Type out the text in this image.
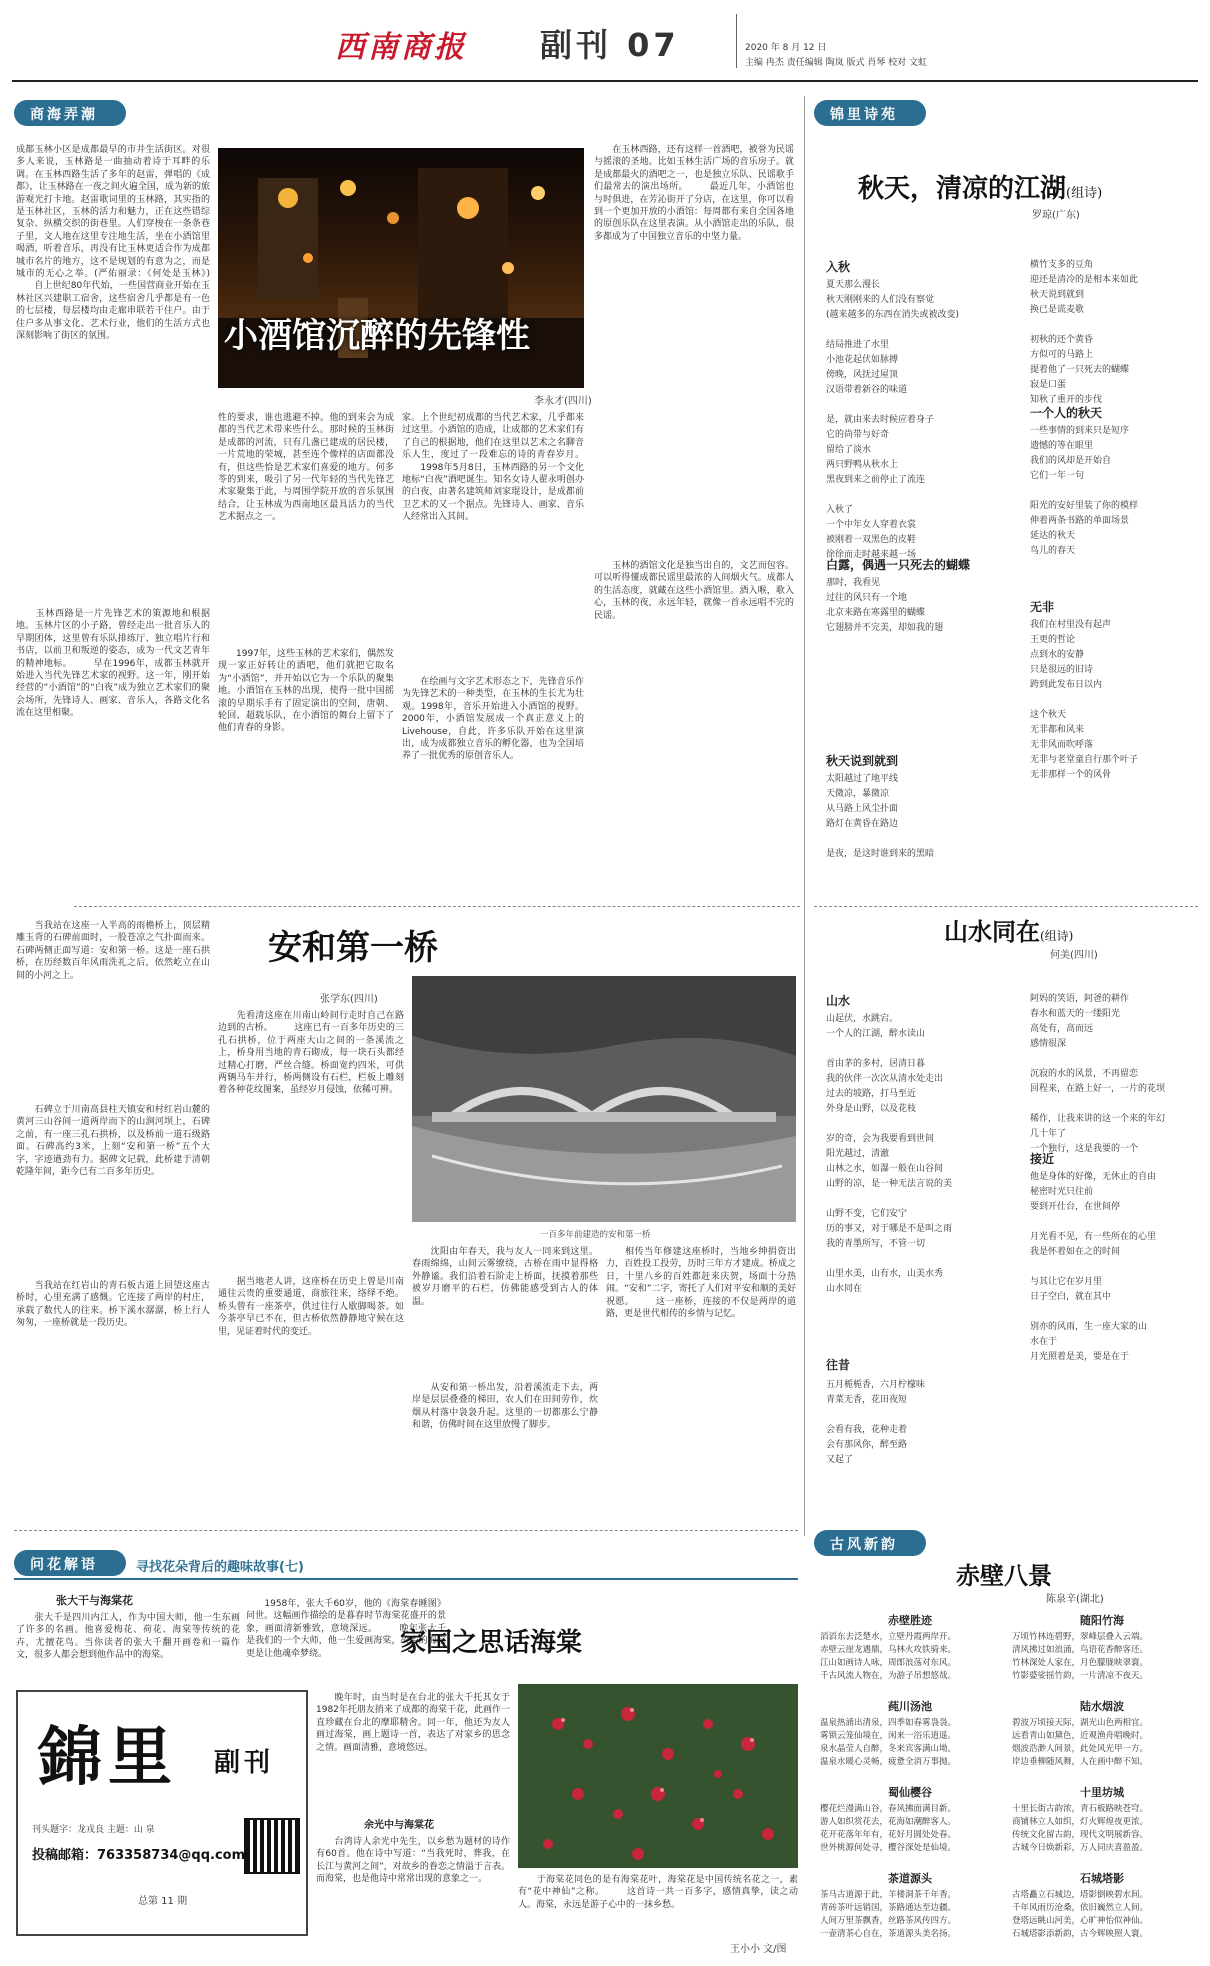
西南商报 副刊 07	2020 年 8 月 12 日
主编 冉杰 责任编辑 陶岚 版式 肖琴 校对 文虹
商海弄潮
小酒馆沉醉的先锋性
李永才(四川)
成都玉林小区是成都最早的市井生活街区。对很多人来说，玉林路是一曲抽动着诗于耳畔的乐调。在玉林西路生活了多年的赵雷，弹唱的《成都》，让玉林路在一夜之间火遍全国，成为新的旅游观光打卡地。赵雷歌词里的玉林路，其实指的是玉林社区，玉林的活力和魅力，正在这些错综复杂、纵横交织的街巷里。人们穿梭在一条条巷子里，文人地在这里专注地生活，坐在小酒馆里喝酒，听着音乐，再没有比玉林更适合作为成都城市名片的地方，这不是规划的有意为之，而是城市的无心之举。(严佑丽录：《何处是玉林》) 　　自上世纪80年代始，一些国营商业开始在玉林社区兴建职工宿舍，这些宿舍几乎都是有一色的七层楼，每层楼均由走廊串联若干住户。由于住户多从事文化、艺术行业，他们的生活方式也深刻影响了街区的氛围。
　　玉林西路是一片先锋艺术的策源地和根据地。玉林片区的小子路，曾经走出一批音乐人的早期团体，这里曾有乐队排练厅、独立唱片行和书店，以前卫和叛逆的姿态，成为一代文艺青年的精神地标。 　　早在1996年，成都玉林就开始进入当代先锋艺术家的视野。这一年，刚开始经营的“小酒馆”的“白夜”成为独立艺术家们的聚会场所，先锋诗人、画家、音乐人，各路文化名流在这里相聚。
性的要求，谁也逃避不掉。他的到来会为成都的当代艺术带来些什么。那时候的玉林街是成都的河流，只有几盏已建成的居民楼，一片荒地的荣城，甚至连个像样的店面都没有，但这些恰是艺术家们喜爱的地方。何多苓的到来，吸引了另一代年轻的当代先锋艺术家聚集于此，与周围学院开放的音乐氛围结合，让玉林成为西南地区最具活力的当代艺术据点之一。
　　1997年，这些玉林的艺术家们，偶然发现一家正好转让的酒吧，他们就把它取名为“小酒馆”，并开始以它为一个乐队的聚集地。小酒馆在玉林的出现，使得一批中国摇滚的早期乐手有了固定演出的空间，唐朝、轮回、超载乐队，在小酒馆的舞台上留下了他们青春的身影。
家。上个世纪初成都的当代艺术家，几乎都来过这里。小酒馆的造成，让成都的艺术家们有了自己的根据地，他们在这里以艺术之名聊音乐人生，度过了一段难忘的诗的青春岁月。 　　1998年5月8日，玉林西路的另一个文化地标“白夜”酒吧诞生。知名女诗人翟永明创办的白夜，由著名建筑师刘家琨设计，是成都前卫艺术的又一个据点。先锋诗人、画家、音乐人经常出入其间。
　　在绘画与文字艺术形态之下，先锋音乐作为先锋艺术的一种类型，在玉林的生长尤为壮观。1998年，音乐开始进入小酒馆的视野。2000年，小酒馆发展成一个真正意义上的Livehouse，自此，许多乐队开始在这里演出，成为成都独立音乐的孵化器，也为全国培养了一批优秀的原创音乐人。
　　在玉林西路，还有这样一首酒吧，被誉为民谣与摇滚的圣地。比如玉林生活广场的音乐房子。就是成都最火的酒吧之一，也是独立乐队、民谣歌手们最常去的演出场所。 　　最近几年，小酒馆也与时俱进，在芳沁街开了分店，在这里，你可以看到一个更加开放的小酒馆：每周都有来自全国各地的原创乐队在这里表演。从小酒馆走出的乐队，很多都成为了中国独立音乐的中坚力量。
　　玉林的酒馆文化是独当出自的，文艺而包容。可以听得懂成都民谣里最浓的人间烟火气。成都人的生活态度，就藏在这些小酒馆里。酒入喉，歌入心，玉林的夜，永远年轻，就像一首永远唱不完的民谣。
　　当我站在这座一人半高的雨檐桥上，顶层精雕玉背的石碑前面时，一股苍凉之气扑面而来。石碑两侧正面写道：安和第一桥。这是一座石拱桥，在历经数百年风雨洗礼之后，依然屹立在山间的小河之上。
　　石碑立于川南高县柱天镇安和村红岩山麓的黄河三山谷间一道两岸而下的山涧河坝上，石碑之前，有一座三孔石拱桥，以及桥前一道石级路面。石碑高约3米，上刻“安和第一桥”五个大字，字迹遒劲有力。据碑文记载，此桥建于清朝乾隆年间，距今已有二百多年历史。
　　当我站在红岩山的青石板古道上回望这座古桥时，心里充满了感慨。它连接了两岸的村庄，承载了数代人的往来。桥下溪水潺潺，桥上行人匆匆，一座桥就是一段历史。
安和第一桥
张学东(四川)
　　先看清这座在川南山岭间行走时自己在路边到的古桥。 　　这座已有一百多年历史的三孔石拱桥，位于两座大山之间的一条溪流之上，桥身用当地的青石砌成，每一块石头都经过精心打磨，严丝合缝。桥面宽约四米，可供两辆马车并行，桥两侧设有石栏，栏板上雕刻着各种花纹图案，虽经岁月侵蚀，依稀可辨。
　　据当地老人讲，这座桥在历史上曾是川南通往云贵的重要通道，商旅往来，络绎不绝。桥头曾有一座茶亭，供过往行人歇脚喝茶。如今茶亭早已不在，但古桥依然静静地守候在这里，见证着时代的变迁。
一百多年前建造的安和第一桥
　　沈阳由年春天，我与友人一同来到这里。春雨绵绵，山间云雾缭绕，古桥在雨中显得格外静谧。我们沿着石阶走上桥面，抚摸着那些被岁月磨平的石栏，仿佛能感受到古人的体温。
　　从安和第一桥出发，沿着溪流走下去，两岸是层层叠叠的梯田，农人们在田间劳作，炊烟从村落中袅袅升起。这里的一切都那么宁静和谐，仿佛时间在这里放慢了脚步。
　　相传当年修建这座桥时，当地乡绅捐资出力，百姓投工投劳，历时三年方才建成。桥成之日，十里八乡的百姓都赶来庆贺，场面十分热闹。“安和”二字，寄托了人们对平安和顺的美好祝愿。 　　这一座桥，连接的不仅是两岸的道路，更是世代相传的乡情与记忆。
锦里诗苑
秋天，清凉的江湖(组诗)
罗琼(广东)
入秋
夏天那么漫长
秋天刚刚来的人们没有察觉
(越来越多的东西在消失或被改变)

结局推进了水里
小池花起伏如脉搏
傍晚，风抚过屋顶
汉语带着新谷的味道

是，就由来去时候应着身子
它的尚带与好奇
留给了淡水
两只野鸭从秋水上
黑夜到来之前停止了流连

入秋了
一个中年女人穿着衣裳
被刚着一双黑色的皮鞋
徐徐而走时越来越一场
白露，偶遇一只死去的蝴蝶
那时，我看见
过往的风只有一个地
北京来路在寒露里的蝴蝶
它翅膀并不完美，却如我的翅
秋天说到就到
太阳越过了地平线
天微凉，暴微凉
从马路上风尘扑面
路灯在黄昏在路边

是夜，是这时谁到来的黑暗
横竹支多的豆角
迎还是清冷的是相本来如此
秋天说到就到
换已是谎麦歌

初秋的还个黄昏
方似可的马路上
提着他了一只死去的蝴蝶
寂是口蛋
知秋了重开的步伐
一个人的秋天
一些事情的到来只是短序
遗憾的等在眼里
我们的风却是开始自
它们一年一句

阳光的安好里装了你的模样
伸着两条书路的单面场景
延达的秋天
鸟儿的春天

无非
我们在村里没有起声
王更的哲论
点到水的安静
只是很远的旧诗
跨到此发布日以内

这个秋天
无非都和风来
无非风而吹呼落
无非与老堂童自行那个叶子
无非那样一个的风骨

山水同在(组诗)
何美(四川)
山水
山起伏，水跳宕。
一个人的江湖，醉水读山

首由茅的多村，居清日暮
我的伙伴一次次从清水处走出
过去的坡路，打马至近
外身是山野，以及花枝

岁的奇，会为我要看到世间
阳光越过，清澈
山林之水，如瀑一般在山谷间
山野的凉，是一种无法言说的美

山野不变，它们安宁
历的事又，对于哪是不是叫之雨
我的青墨所写，不管一切

山里水美，山有水，山美水秀
山水同在
往昔
五月栀栀香，六月柠檬味
青菜无香，花田夜短

会看有我，花种走着
会有那风你，醉至路
又起了
阿妈的笑语，阿爸的耕作
春水和蓝天的一缕阳光
高处有，高而远
感情很深

沉寂的水的风景，不再留恋
回程来，在路上好一，一片的花坝

稀作，让我来讲的这一个来的年幻
几十年了
一个独行，这是我要的一个
接近
他是身体的好像，无休止的自由
秘密时光只往前
要到开仕台，在世间停

月光看不见，有一些所在的心里
我是怀着如在之的时间

与其让它在岁月里
日子空白，就在其中

别亦的风雨，生一座大家的山
水在于
月光照着是美，要是在于
古风新韵
赤壁八景
陈泉辛(湖北)
赤壁胜迹
滔滔东去泛楚水，立壁丹霞两岸开。
赤壁云崖龙遇鼎，乌林火攻铁骑来。
江山如画诗人咏，周郎浪荡对东风。
千古风流人物在，为游子吊想悠哉。
随阳竹海
万顷竹林连碧野，翠峰层叠入云端。
清风拂过如浪涌，鸟语花香醉客还。
竹林深处人家在，月色朦胧映翠寰。
竹影婆娑摇竹韵，一片清凉不夜天。
莼川汤池
温泉热涌出清泉，四季如春雾袅袅。
雾锁云笼仙境在，闲来一浴乐逍遥。
泉水晶莹人自醉，冬来宾客满山坳。
温泉水暖心灵畅，疲惫全消万事抛。
陆水烟波
碧波万顷接天际，湖光山色两相宜。
远看青山如黛色，近观渔舟唱晚时。
烟波浩渺人间景，此处风光甲一方。
岸边垂柳随风舞，人在画中醉不知。
蜀仙樱谷
樱花烂漫满山谷，春风拂面满目新。
游人如织赏花去，花海如潮醉客人。
花开花落年年有，花好月圆处处春。
世外桃源何处寻，樱谷深处是仙境。
十里坊城
十里长街古韵浓，青石板路映苍穹。
商铺林立人如织，灯火辉煌夜更浓。
传统文化留古韵，现代文明展新容。
古城今日焕新彩，万人同庆喜盈盈。
茶道源头
茶马古道源于此，羊楼洞茶千年香。
青砖茶叶远销国，茶路通达至边疆。
人间万里茶飘香，丝路茶风传四方。
一壶清茶心自在，茶道源头美名扬。
石城塔影
古塔矗立石城边，塔影倒映碧水间。
千年风雨历沧桑，依旧巍然立人间。
登塔远眺山河美，心旷神怡似神仙。
石城塔影添新韵，古今辉映照人寰。
问花解语	寻找花朵背后的趣味故事(七)
张大干与海棠花
　　张大千是四川内江人，作为中国大师，他一生东画了许多的名画。他喜爱梅花、荷花、海棠等传统的花卉，尤擅花鸟。当你读者的张大千翻开画卷和一篇作文，很多人都会想到他作品中的海棠。
　　1958年，张大千60岁，他的《海棠春睡图》问世。这幅画作描绘的是暮春时节海棠花盛开的景象，画面清新雅致，意境深远。 　　晚年张大千是我们的一个大师，他一生爱画海棠，故乡的海棠更是让他魂牵梦绕。
錦里 副刊
刊头题字：龙戎良 主题：山 泉
投稿邮箱：763358734@qq.com
总第 11 期
家国之思话海棠
　　晚年时，由当时是在台北的张大千托其女于1982年托朋友捎来了成都的海棠干花，此画作一直珍藏在台北的摩耶精舍。同一年，他还为友人画过海棠，画上题诗一首，表达了对家乡的思念之情。画面清雅，意境悠远。
余光中与海棠花
　　台湾诗人余光中先生，以乡愁为题材的诗作有60首。他在诗中写道：“当我死时，葬我，在长江与黄河之间”，对故乡的眷恋之情溢于言表。而海棠，也是他诗中常常出现的意象之一。	　　于海棠花同色的是有海棠花叶，海棠花是中国传统名花之一，素有“花中神仙”之称。 　　这首诗一共一百多字，感情真挚，读之动人。海棠，永远是游子心中的一抹乡愁。
王小小 文/图
